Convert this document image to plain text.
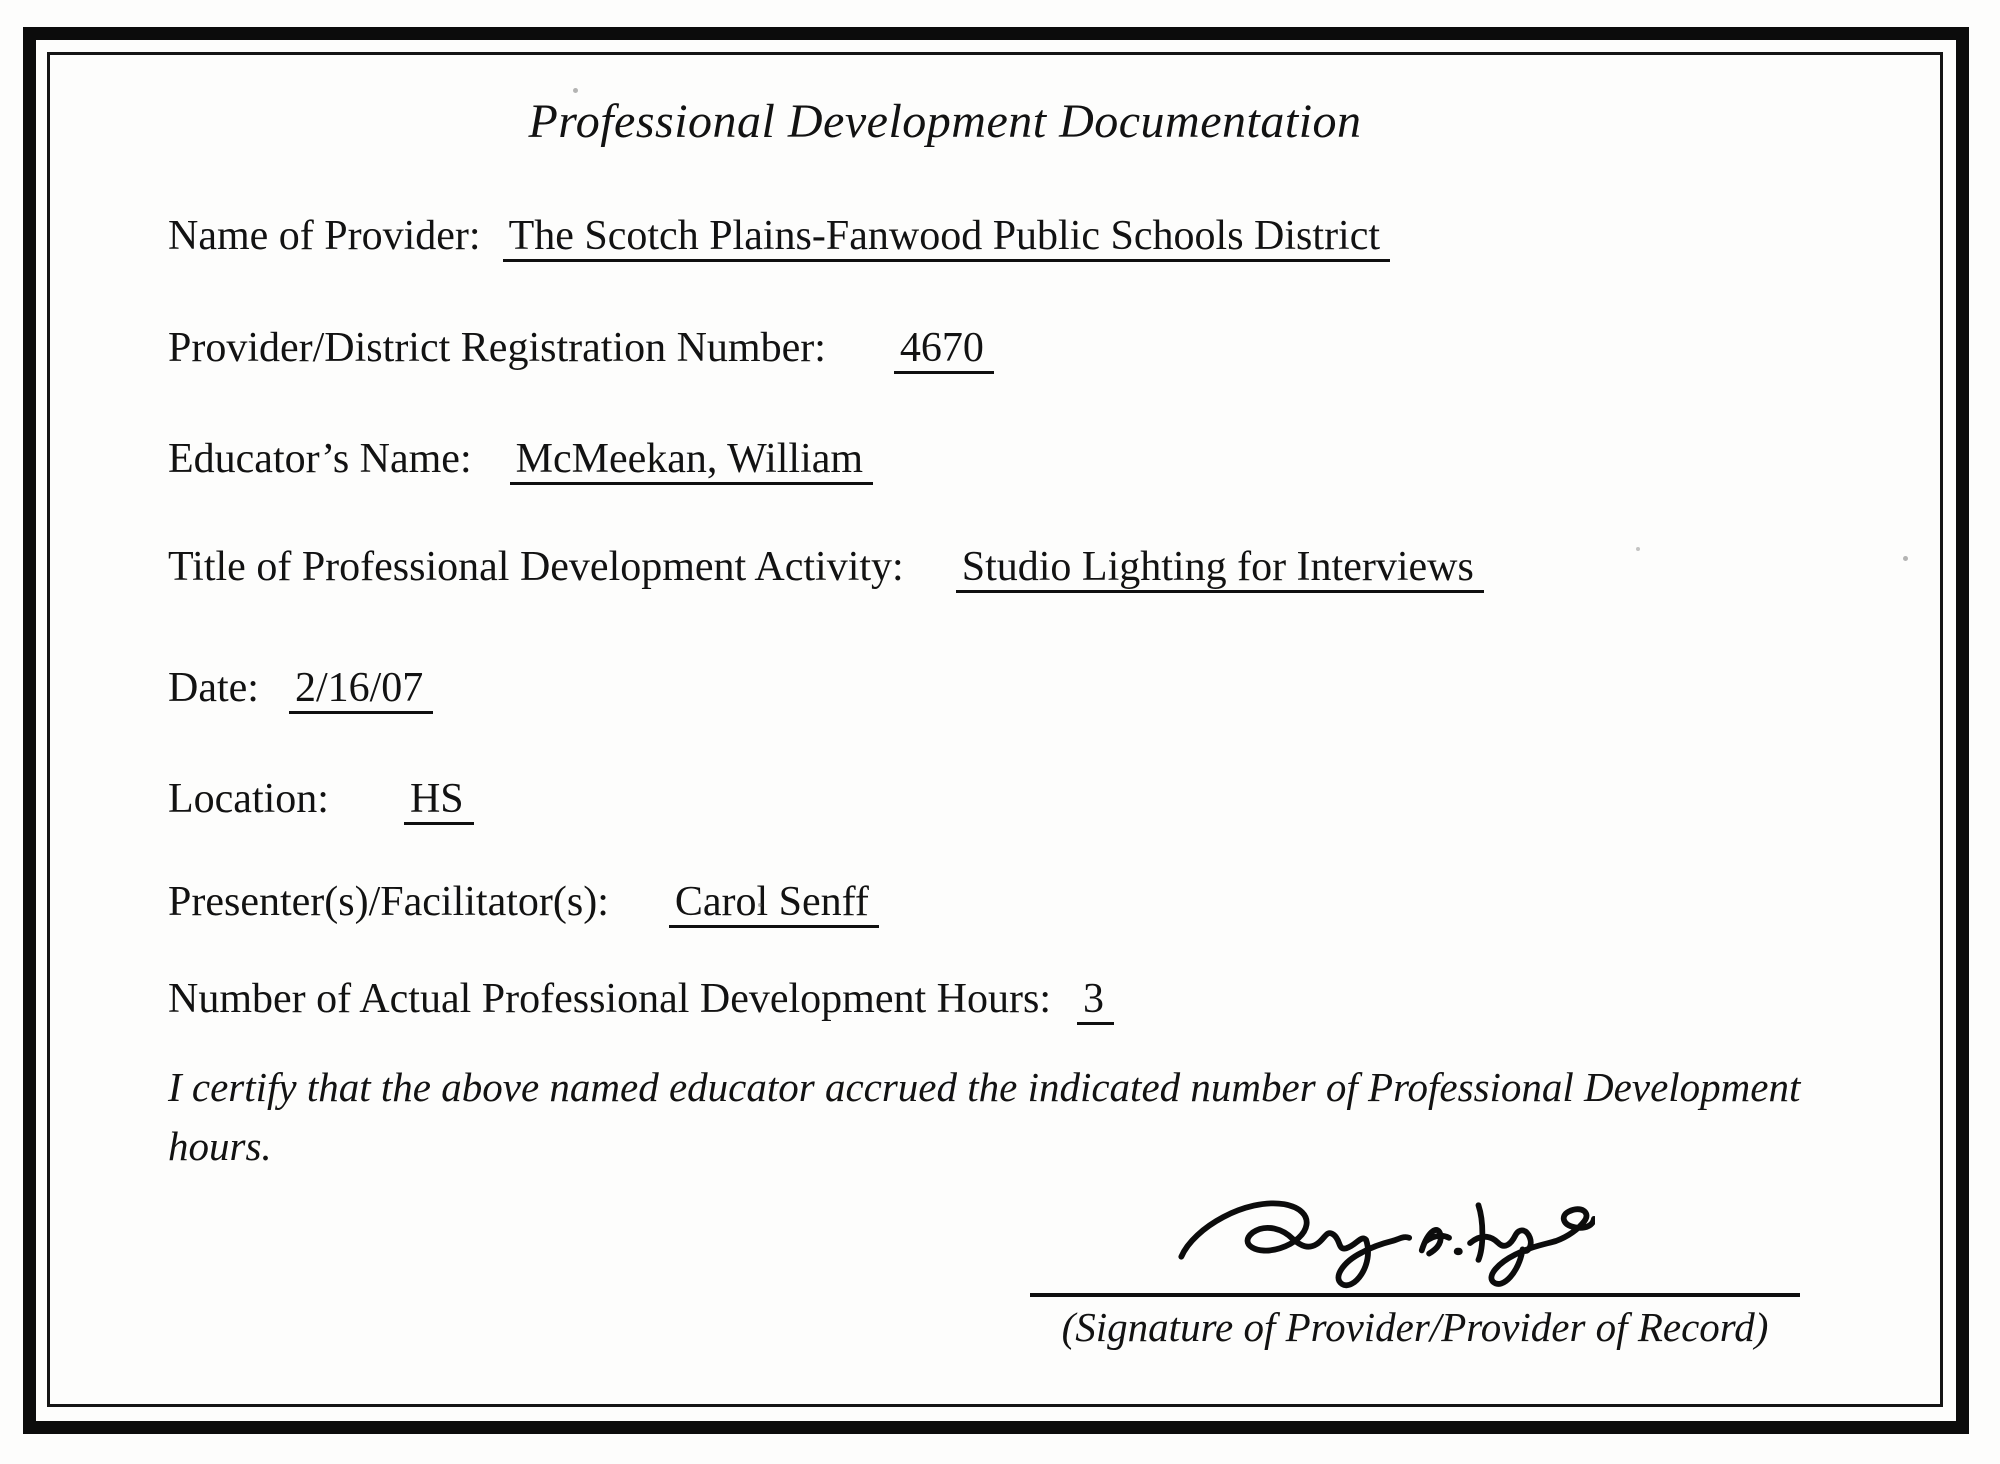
Professional Development Documentation
Name of Provider: The Scotch Plains-Fanwood Public Schools District
Provider/District Registration Number: 4670
Educator’s Name: McMeekan, William
Title of Professional Development Activity: Studio Lighting for Interviews
Date: 2/16/07
Location: HS
Presenter(s)/Facilitator(s): Carol Senff
Number of Actual Professional Development Hours: 3

I certify that the above named educator accrued the indicated number of Professional Development hours.

(Signature of Provider/Provider of Record)
